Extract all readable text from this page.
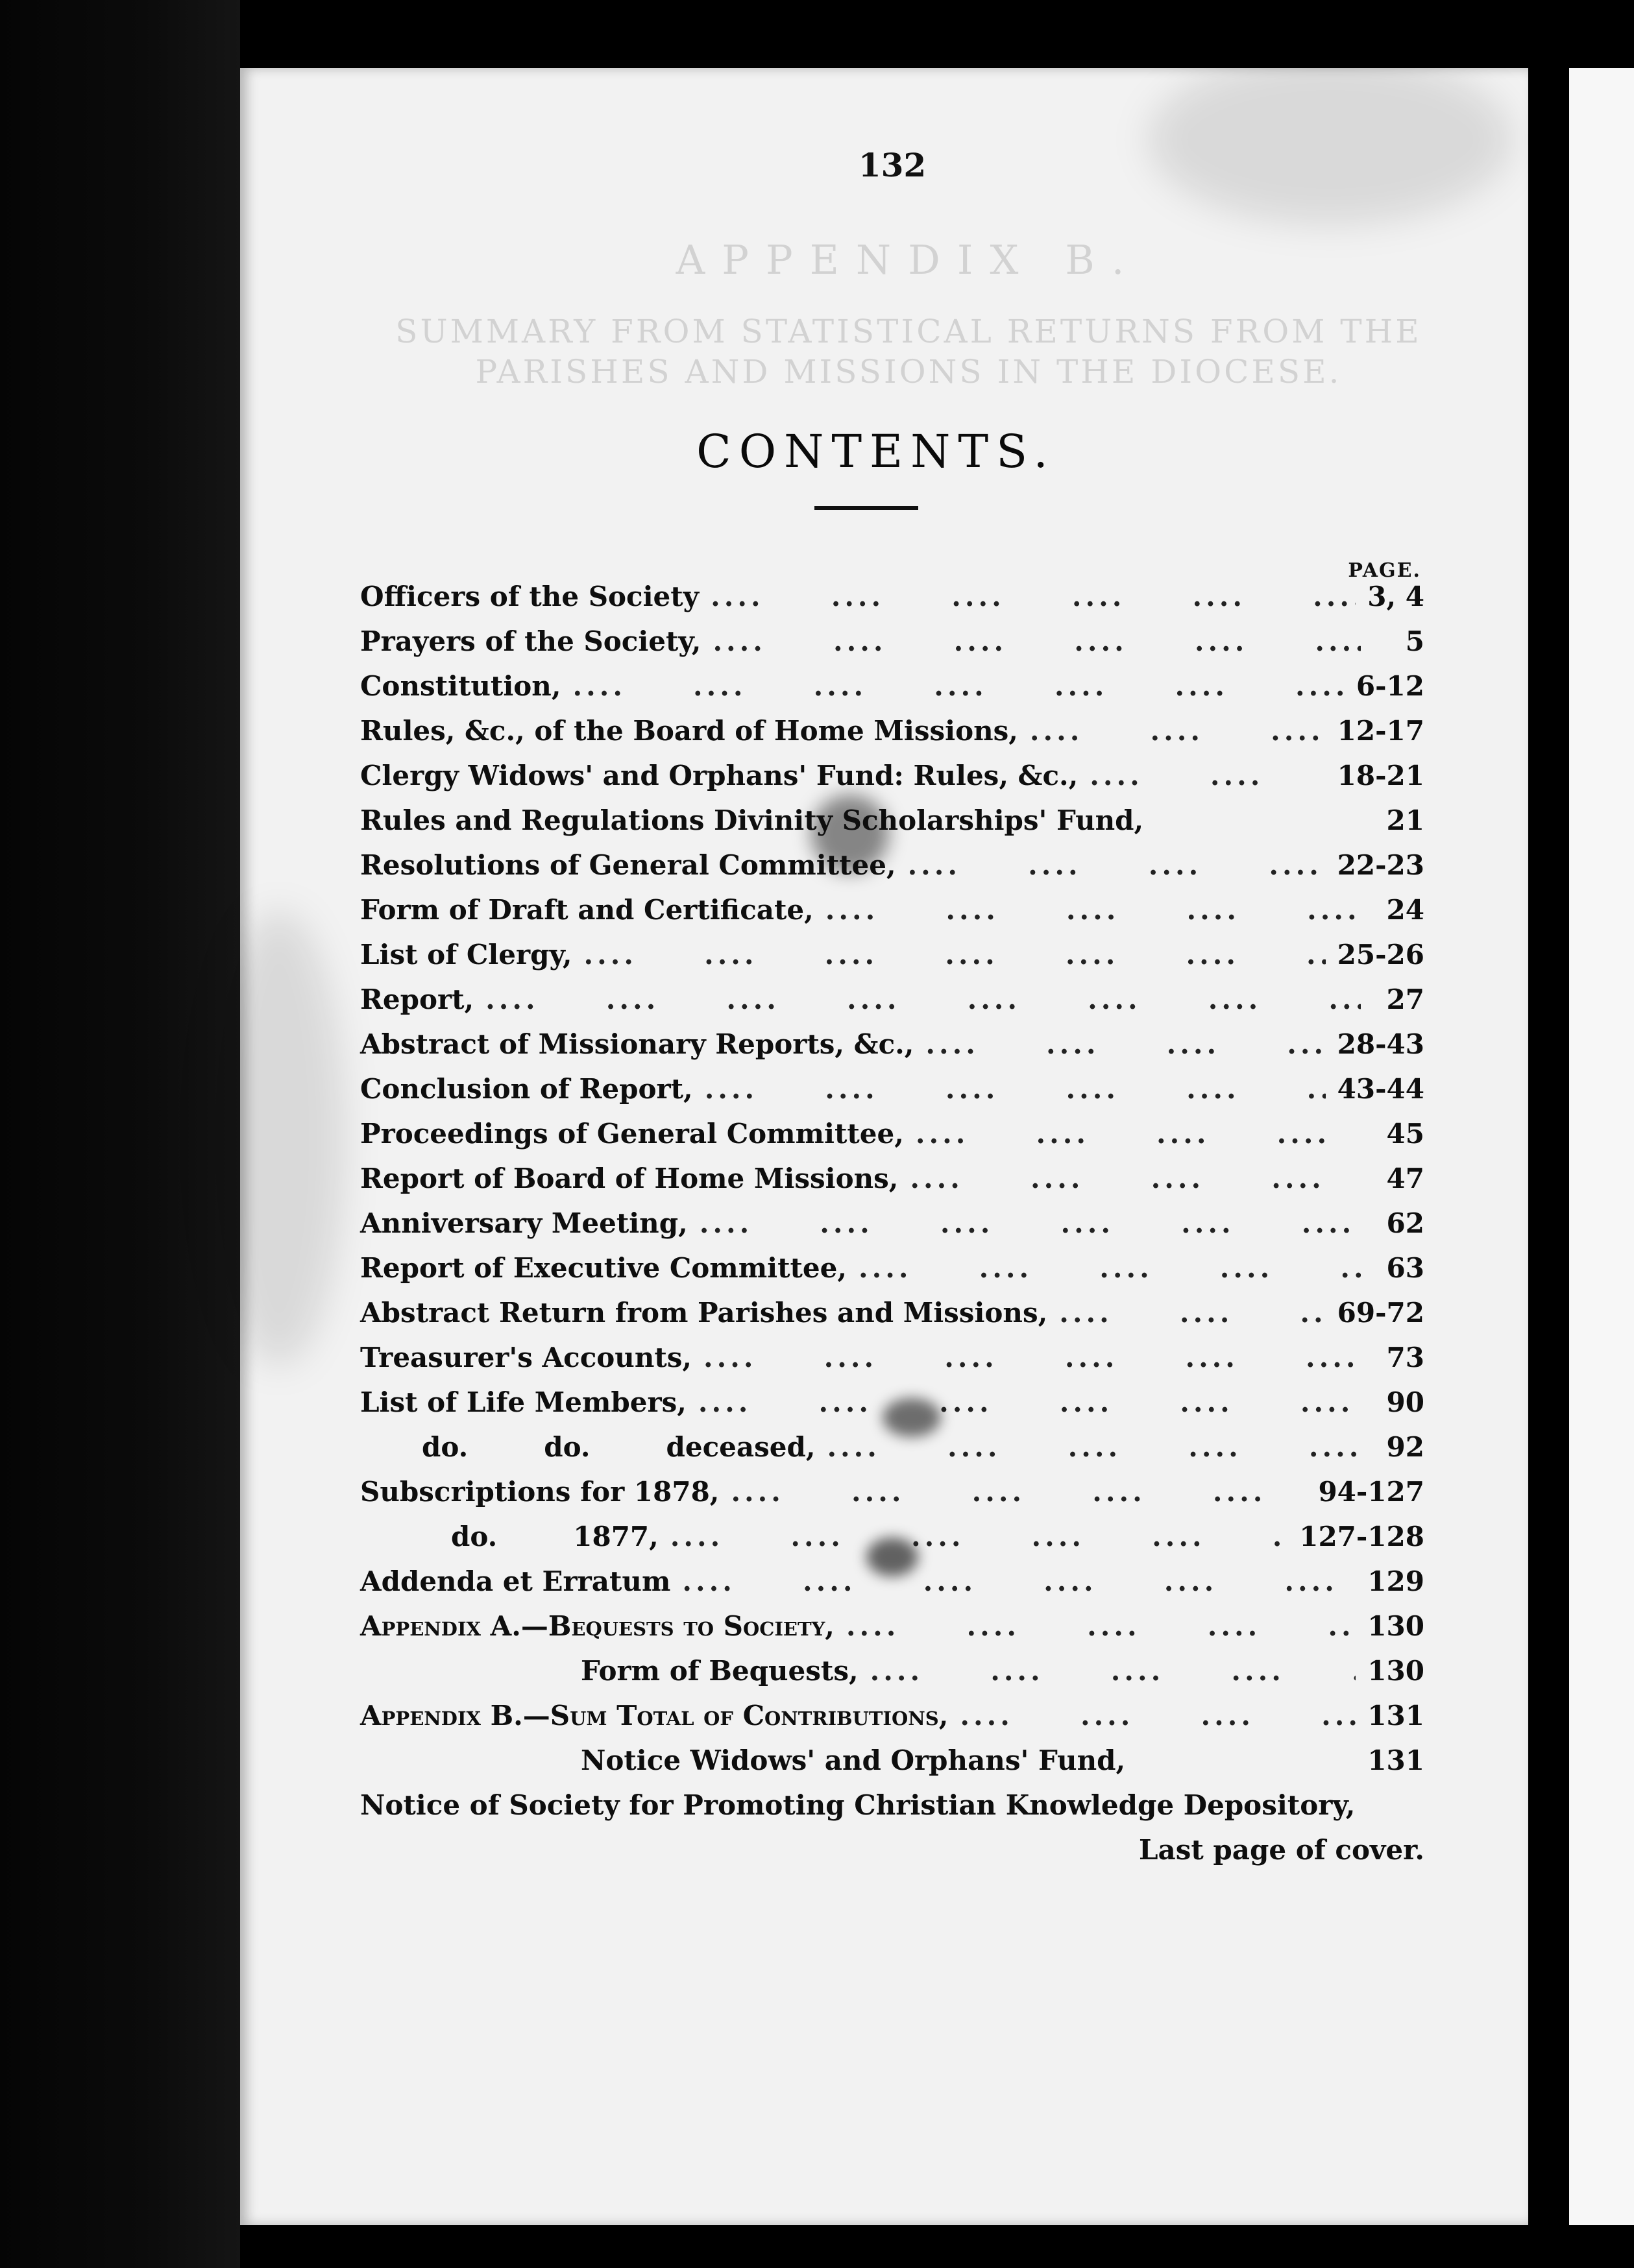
APPENDIX B.
SUMMARY FROM STATISTICAL RETURNS FROM THE
PARISHES AND MISSIONS IN THE DIOCESE.
132
CONTENTS.
PAGE.
Officers of the Society ....	3, 4
Prayers of the Society, ....	5
Constitution, ....	6-12
Rules, &c., of the Board of Home Missions, ....	12-17
Clergy Widows' and Orphans' Fund: Rules, &c., ....	18-21
Rules and Regulations Divinity Scholarships' Fund,	21
Resolutions of General Committee, ....	22-23
Form of Draft and Certificate, ....	24
List of Clergy, ....	25-26
Report, ....	27
Abstract of Missionary Reports, &c., ....	28-43
Conclusion of Report, ....	43-44
Proceedings of General Committee, ....	45
Report of Board of Home Missions, ....	47
Anniversary Meeting, ....	62
Report of Executive Committee, ....	63
Abstract Return from Parishes and Missions, ....	69-72
Treasurer's Accounts, ....	73
List of Life Members, ....	90
do.        do.        deceased, ....	92
Subscriptions for 1878, ....	94-127
do.        1877, ....	127-128
Addenda et Erratum ....	129
Appendix A.—Bequests to Society, ....	130
Form of Bequests, ....	130
Appendix B.—Sum Total of Contributions, ....	131
Notice Widows' and Orphans' Fund,	131
Notice of Society for Promoting Christian Knowledge Depository,
Last page of cover.
